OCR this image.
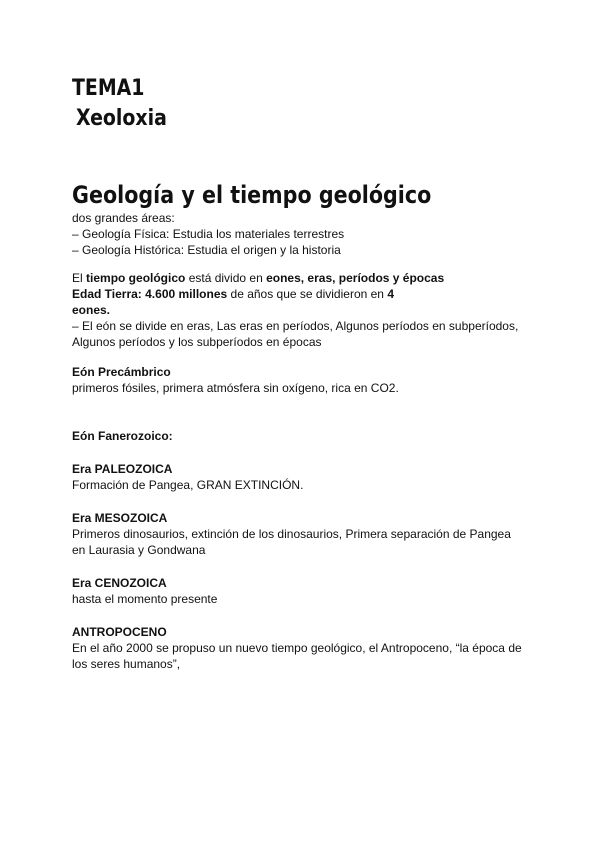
TEMA1
Xeoloxia
Geología y el tiempo geológico

dos grandes áreas:

– Geología Física: Estudia los materiales terrestres

– Geología Histórica: Estudia el origen y la historia

El tiempo geológico está divido en eones, eras, períodos y épocas

Edad Tierra: 4.600 millones de años que se dividieron en 4

eones.

– El eón se divide en eras, Las eras en períodos, Algunos períodos en subperíodos,

Algunos períodos y los subperíodos en épocas

Eón Precámbrico

primeros fósiles, primera atmósfera sin oxígeno, rica en CO2.

Eón Fanerozoico:

Era PALEOZOICA

Formación de Pangea, GRAN EXTINCIÓN.

Era MESOZOICA

Primeros dinosaurios, extinción de los dinosaurios, Primera separación de Pangea

en Laurasia y Gondwana

Era CENOZOICA

hasta el momento presente

ANTROPOCENO

En el año 2000 se propuso un nuevo tiempo geológico, el Antropoceno, “la época de

los seres humanos”,
